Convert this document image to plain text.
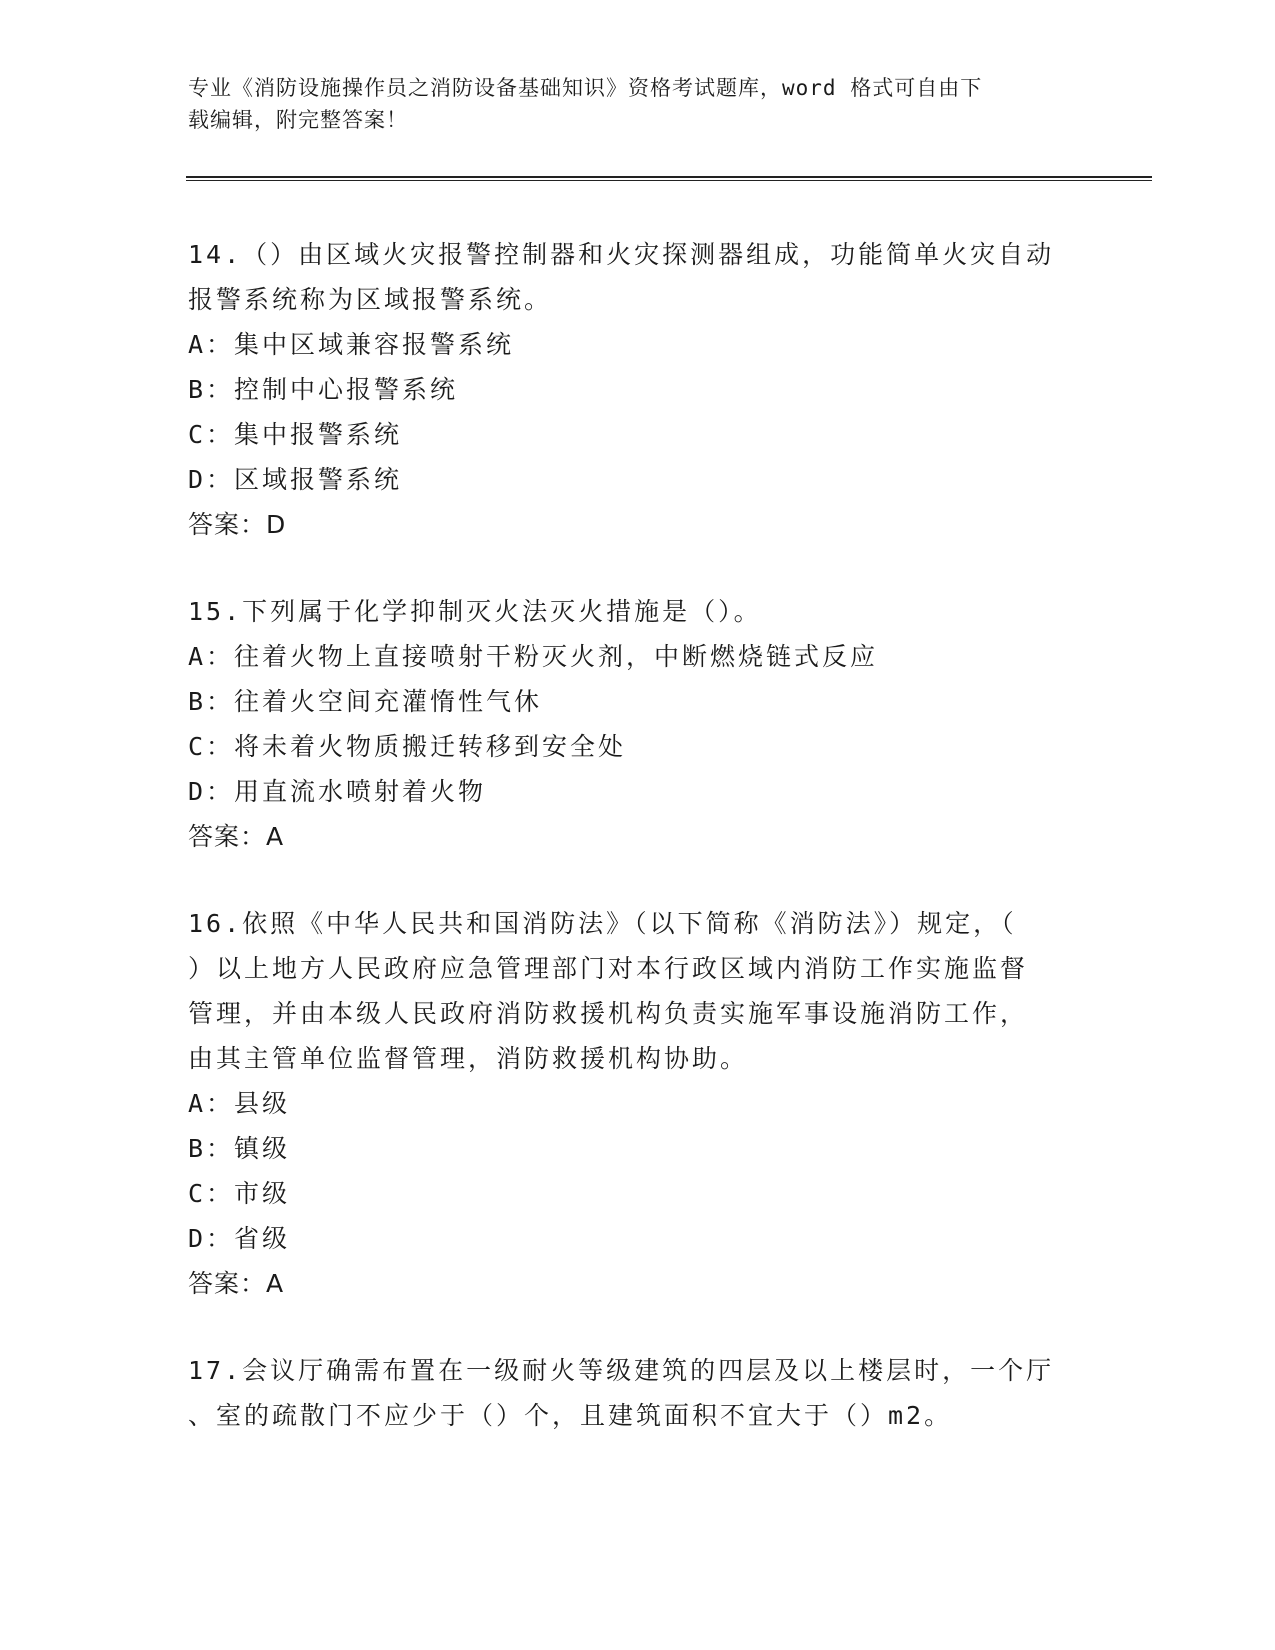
专业《消防设施操作员之消防设备基础知识》资格考试题库，word 格式可自由下
载编辑，附完整答案！
14.（）由区域火灾报警控制器和火灾探测器组成，功能简单火灾自动
报警系统称为区域报警系统。
A：集中区域兼容报警系统
B：控制中心报警系统
C：集中报警系统
D：区域报警系统
答案：D
15.下列属于化学抑制灭火法灭火措施是（）。
A：往着火物上直接喷射干粉灭火剂，中断燃烧链式反应
B：往着火空间充灌惰性气休
C：将未着火物质搬迁转移到安全处
D：用直流水喷射着火物
答案：A
16.依照《中华人民共和国消防法》（以下简称《消防法》）规定，（
）以上地方人民政府应急管理部门对本行政区域内消防工作实施监督
管理，并由本级人民政府消防救援机构负责实施军事设施消防工作，
由其主管单位监督管理，消防救援机构协助。
A：县级
B：镇级
C：市级
D：省级
答案：A
17.会议厅确需布置在一级耐火等级建筑的四层及以上楼层时，一个厅
、室的疏散门不应少于（）个，且建筑面积不宜大于（）m2。
